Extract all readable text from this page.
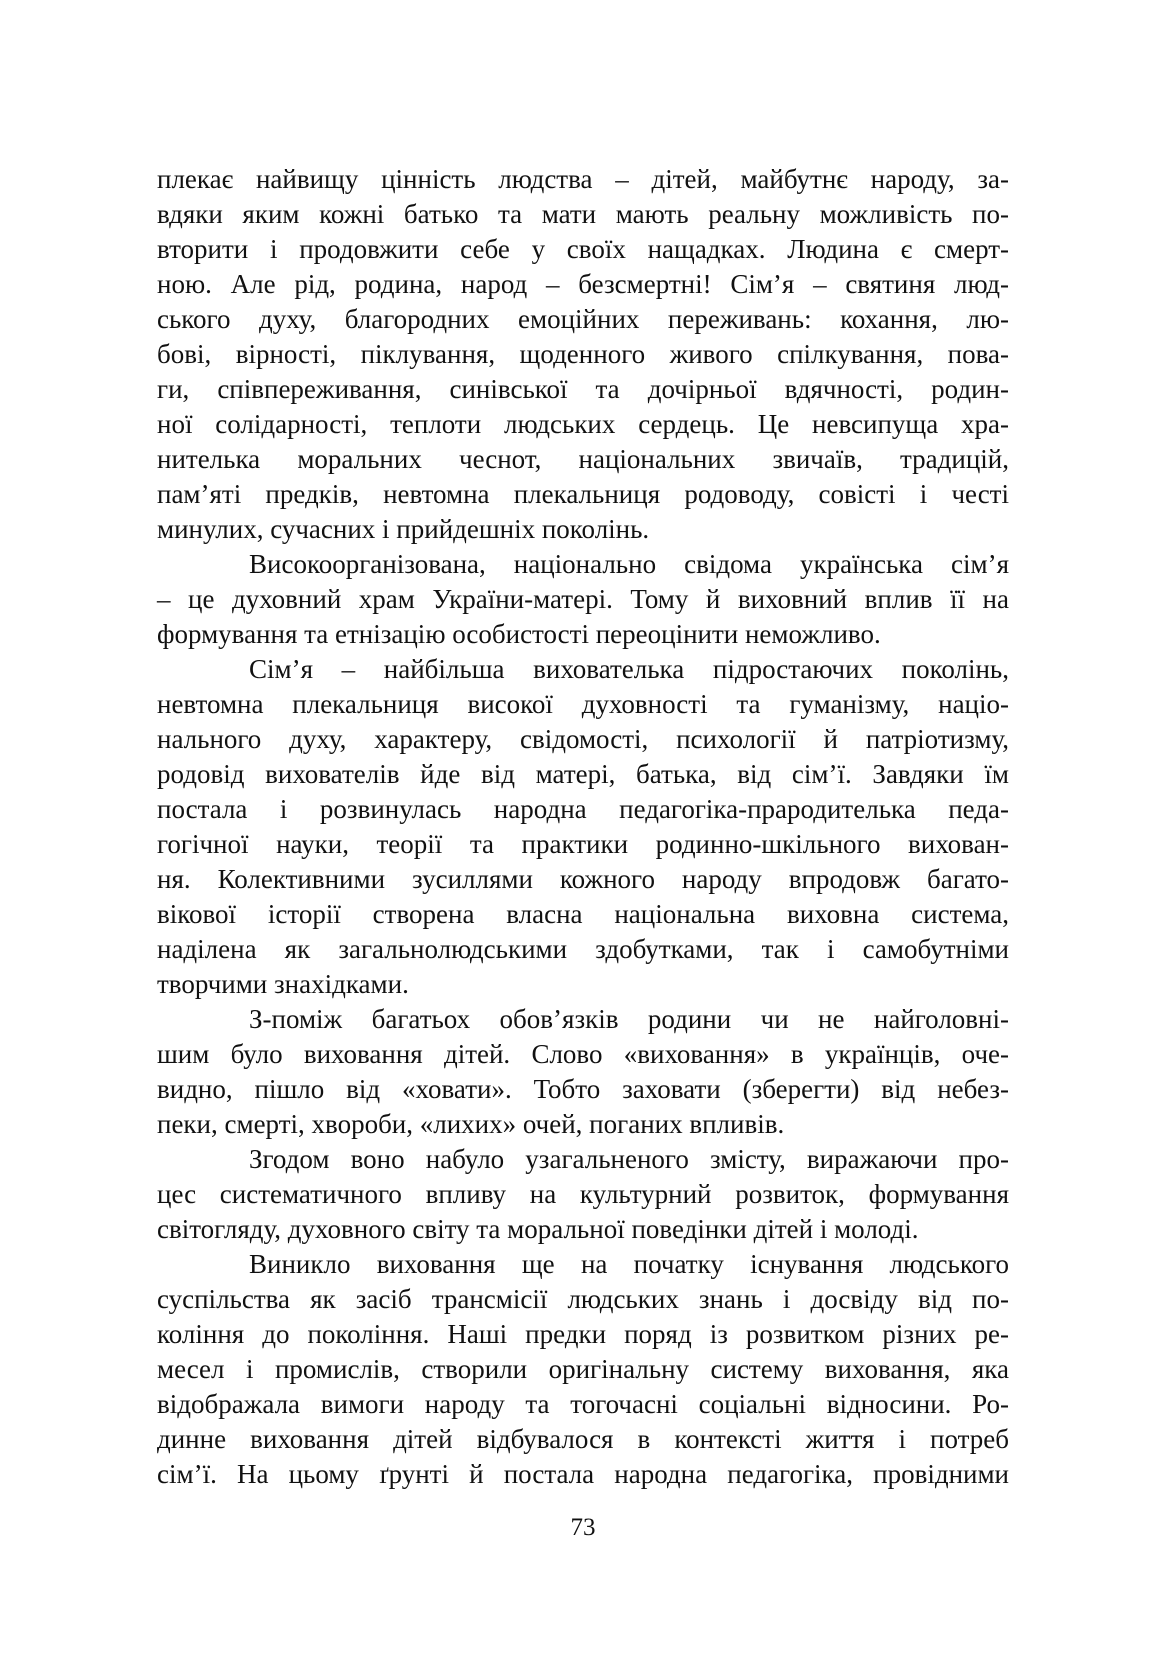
плекає найвищу цінність людства – дітей, майбутнє народу, за-
вдяки яким кожні батько та мати мають реальну можливість по-
вторити і продовжити себе у своїх нащадках. Людина є смерт-
ною. Але рід, родина, народ – безсмертні! Сім’я – святиня люд-
ського духу, благородних емоційних переживань: кохання, лю-
бові, вірності, піклування, щоденного живого спілкування, пова-
ги, співпереживання, синівської та дочірньої вдячності, родин-
ної солідарності, теплоти людських сердець. Це невсипуща хра-
нителька моральних чеснот, національних звичаїв, традицій,
пам’яті предків, невтомна плекальниця родоводу, совісті і честі
минулих, сучасних і прийдешніх поколінь.
Високоорганізована, національно свідома українська сім’я
– це духовний храм України-матері. Тому й виховний вплив її на
формування та етнізацію особистості переоцінити неможливо.
Сім’я – найбільша вихователька підростаючих поколінь,
невтомна плекальниця високої духовності та гуманізму, націо-
нального духу, характеру, свідомості, психології й патріотизму,
родовід вихователів йде від матері, батька, від сім’ї. Завдяки їм
постала і розвинулась народна педагогіка-прародителька педа-
гогічної науки, теорії та практики родинно-шкільного вихован-
ня. Колективними зусиллями кожного народу впродовж багато-
вікової історії створена власна національна виховна система,
наділена як загальнолюдськими здобутками, так і самобутніми
творчими знахідками.
З-поміж багатьох обов’язків родини чи не найголовні-
шим було виховання дітей. Слово «виховання» в українців, оче-
видно, пішло від «ховати». Тобто заховати (зберегти) від небез-
пеки, смерті, хвороби, «лихих» очей, поганих впливів.
Згодом воно набуло узагальненого змісту, виражаючи про-
цес систематичного впливу на культурний розвиток, формування
світогляду, духовного світу та моральної поведінки дітей і молоді.
Виникло виховання ще на початку існування людського
суспільства як засіб трансмісії людських знань і досвіду від по-
коління до покоління. Наші предки поряд із розвитком різних ре-
месел і промислів, створили оригінальну систему виховання, яка
відображала вимоги народу та тогочасні соціальні відносини. Ро-
динне виховання дітей відбувалося в контексті життя і потреб
сім’ї. На цьому ґрунті й постала народна педагогіка, провідними
73
